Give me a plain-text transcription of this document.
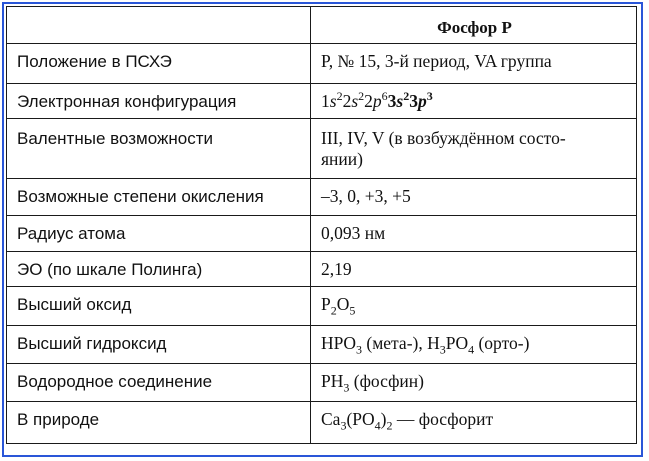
	Фосфор P
Положение в ПСХЭ	P, № 15, 3-й период, VA группа
Электронная конфигурация	$1s^22s^22p^63s^23p^3$
Валентные возможности	III, IV, V (в возбуждённом состо-
янии)

Возможные степени окисления	–3, 0, +3, +5
Радиус атома	0,093 нм
ЭО (по шкале Полинга)	2,19
Высший оксид	$P_2O_5$
Высший гидроксид	$HPO_3$ (мета-), $H_3PO_4$ (орто-)
Водородное соединение	$PH_3$ (фосфин)
В природе	$Ca_3(PO_4)_2$ — фосфорит
